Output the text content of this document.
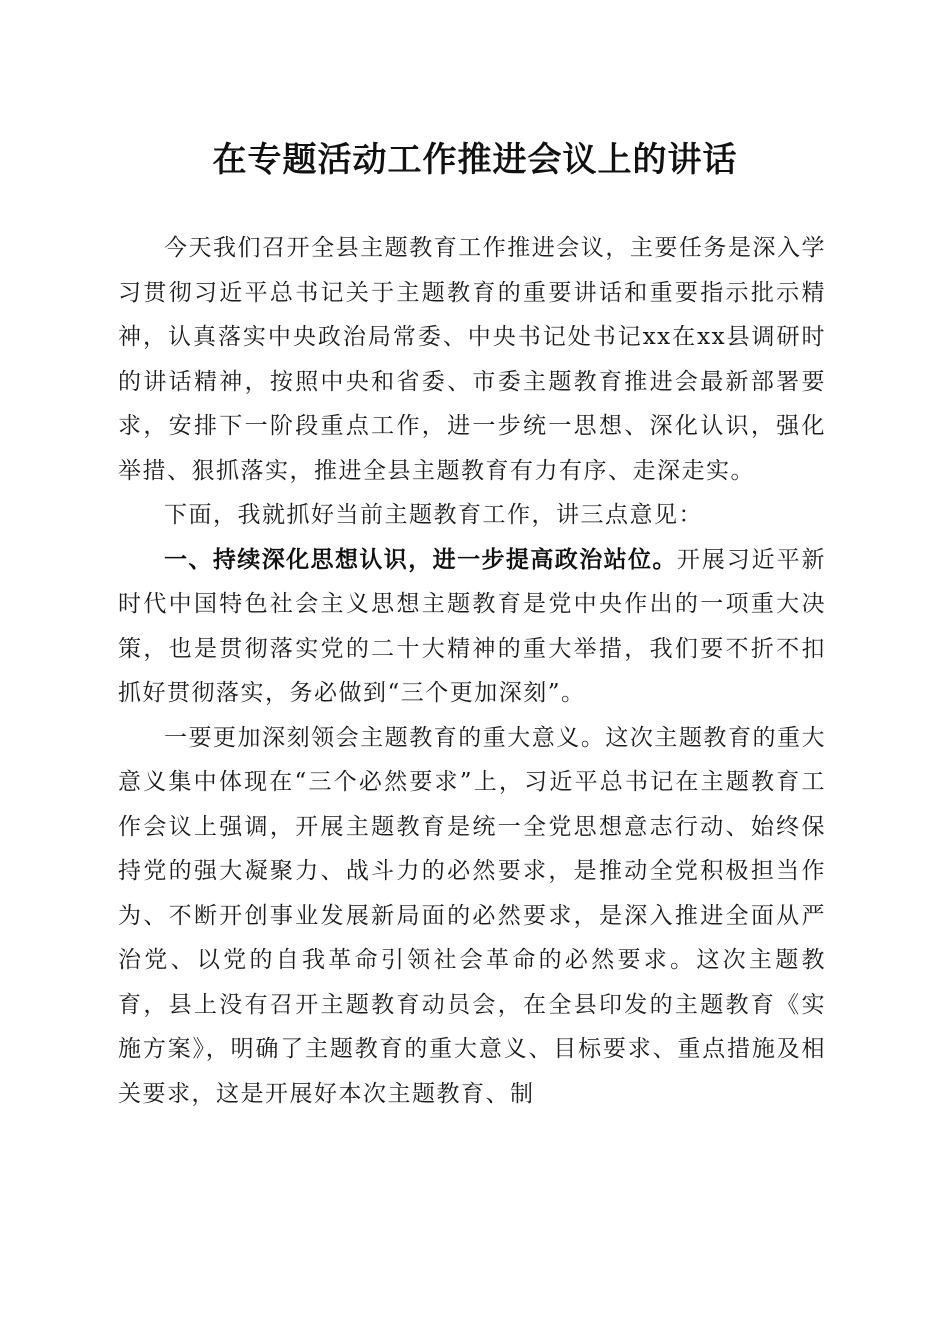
在专题活动工作推进会议上的讲话

今天我们召开全县主题教育工作推进会议，主要任务是深入学习贯彻习近平总书记关于主题教育的重要讲话和重要指示批示精神，认真落实中央政治局常委、中央书记处书记xx在xx县调研时的讲话精神，按照中央和省委、市委主题教育推进会最新部署要求，安排下一阶段重点工作，进一步统一思想、深化认识，强化举措、狠抓落实，推进全县主题教育有力有序、走深走实。

下面，我就抓好当前主题教育工作，讲三点意见：

一、持续深化思想认识，进一步提高政治站位。开展习近平新时代中国特色社会主义思想主题教育是党中央作出的一项重大决策，也是贯彻落实党的二十大精神的重大举措，我们要不折不扣抓好贯彻落实，务必做到“三个更加深刻”。

一要更加深刻领会主题教育的重大意义。这次主题教育的重大意义集中体现在“三个必然要求”上，习近平总书记在主题教育工作会议上强调，开展主题教育是统一全党思想意志行动、始终保持党的强大凝聚力、战斗力的必然要求，是推动全党积极担当作为、不断开创事业发展新局面的必然要求，是深入推进全面从严治党、以党的自我革命引领社会革命的必然要求。这次主题教育，县上没有召开主题教育动员会，在全县印发的主题教育《实施方案》，明确了主题教育的重大意义、目标要求、重点措施及相关要求，这是开展好本次主题教育、制
